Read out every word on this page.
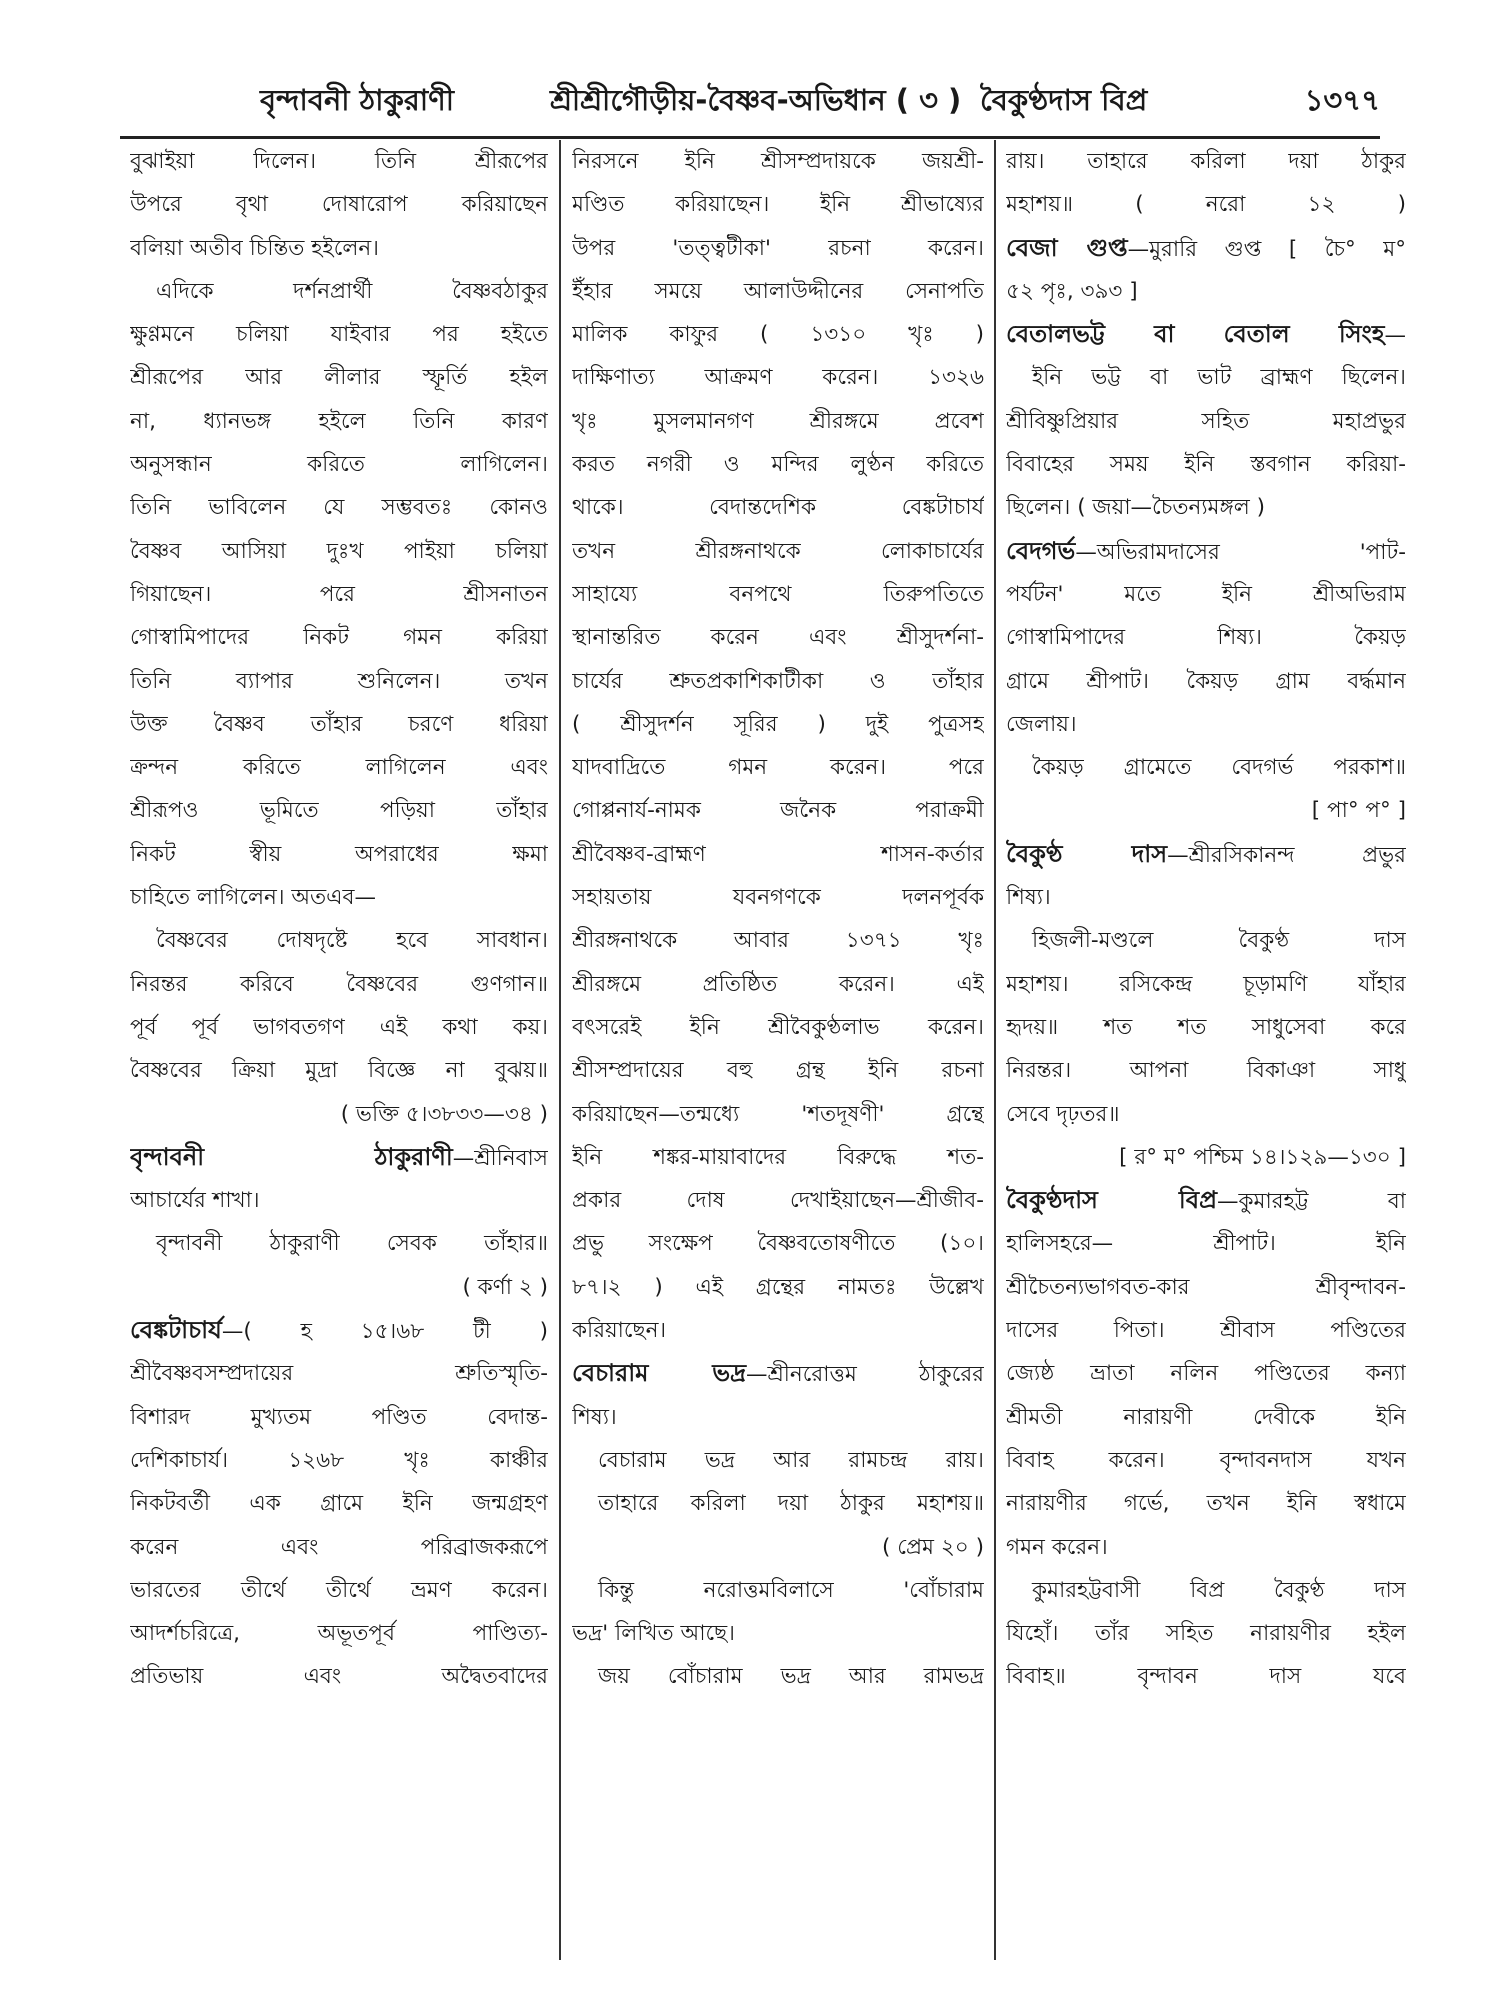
বৃন্দাবনী ঠাকুরাণী	শ্রীশ্রীগৌড়ীয়-বৈষ্ণব-অভিধান ( ৩ ) বৈকুণ্ঠদাস বিপ্র	১৩৭৭

বুঝাইয়া দিলেন। তিনি শ্রীরূপের

উপরে বৃথা দোষারোপ করিয়াছেন

বলিয়া অতীব চিন্তিত হইলেন।

এদিকে দর্শনপ্রার্থী বৈষ্ণবঠাকুর

ক্ষুণ্ণমনে চলিয়া যাইবার পর হইতে

শ্রীরূপের আর লীলার স্ফূর্তি হইল

না, ধ্যানভঙ্গ হইলে তিনি কারণ

অনুসন্ধান করিতে লাগিলেন।

তিনি ভাবিলেন যে সম্ভবতঃ কোনও

বৈষ্ণব আসিয়া দুঃখ পাইয়া চলিয়া

গিয়াছেন। পরে শ্রীসনাতন

গোস্বামিপাদের নিকট গমন করিয়া

তিনি ব্যাপার শুনিলেন। তখন

উক্ত বৈষ্ণব তাঁহার চরণে ধরিয়া

ক্রন্দন করিতে লাগিলেন এবং

শ্রীরূপও ভূমিতে পড়িয়া তাঁহার

নিকট স্বীয় অপরাধের ক্ষমা

চাহিতে লাগিলেন। অতএব—

বৈষ্ণবের দোষদৃষ্টে হবে সাবধান।

নিরন্তর করিবে বৈষ্ণবের গুণগান॥

পূর্ব পূর্ব ভাগবতগণ এই কথা কয়।

বৈষ্ণবের ক্রিয়া মুদ্রা বিজ্ঞে না বুঝয়॥

( ভক্তি ৫।৩৮৩৩—৩৪ )

বৃন্দাবনী ঠাকুরাণী—শ্রীনিবাস

আচার্যের শাখা।

বৃন্দাবনী ঠাকুরাণী সেবক তাঁহার॥

( কর্ণা ২ )

বেঙ্কটাচার্য—( হ ১৫।৬৮ টী )

শ্রীবৈষ্ণবসম্প্রদায়ের শ্রুতিস্মৃতি-

বিশারদ মুখ্যতম পণ্ডিত বেদান্ত-

দেশিকাচার্য। ১২৬৮ খৃঃ কাঞ্চীর

নিকটবর্তী এক গ্রামে ইনি জন্মগ্রহণ

করেন এবং পরিব্রাজকরূপে

ভারতের তীর্থে তীর্থে ভ্রমণ করেন।

আদর্শচরিত্রে, অভূতপূর্ব পাণ্ডিত্য-

প্রতিভায় এবং অদ্বৈতবাদের

নিরসনে ইনি শ্রীসম্প্রদায়কে জয়শ্রী-

মণ্ডিত করিয়াছেন। ইনি শ্রীভাষ্যের

উপর 'তত্ত্বটীকা' রচনা করেন।

ইঁহার সময়ে আলাউদ্দীনের সেনাপতি

মালিক কাফুর ( ১৩১০ খৃঃ )

দাক্ষিণাত্য আক্রমণ করেন। ১৩২৬

খৃঃ মুসলমানগণ শ্রীরঙ্গমে প্রবেশ

করত নগরী ও মন্দির লুণ্ঠন করিতে

থাকে। বেদান্তদেশিক বেঙ্কটাচার্য

তখন শ্রীরঙ্গনাথকে লোকাচার্যের

সাহায্যে বনপথে তিরুপতিতে

স্থানান্তরিত করেন এবং শ্রীসুদর্শনা-

চার্যের শ্রুতপ্রকাশিকাটীকা ও তাঁহার

( শ্রীসুদর্শন সূরির ) দুই পুত্রসহ

যাদবাদ্রিতে গমন করেন। পরে

গোপ্পনার্য-নামক জনৈক পরাক্রমী

শ্রীবৈষ্ণব-ব্রাহ্মণ শাসন-কর্তার

সহায়তায় যবনগণকে দলনপূর্বক

শ্রীরঙ্গনাথকে আবার ১৩৭১ খৃঃ

শ্রীরঙ্গমে প্রতিষ্ঠিত করেন। এই

বৎসরেই ইনি শ্রীবৈকুণ্ঠলাভ করেন।

শ্রীসম্প্রদায়ের বহু গ্রন্থ ইনি রচনা

করিয়াছেন—তন্মধ্যে 'শতদূষণী' গ্রন্থে

ইনি শঙ্কর-মায়াবাদের বিরুদ্ধে শত-

প্রকার দোষ দেখাইয়াছেন—শ্রীজীব-

প্রভু সংক্ষেপ বৈষ্ণবতোষণীতে (১০।

৮৭।২ ) এই গ্রন্থের নামতঃ উল্লেখ

করিয়াছেন।

বেচারাম ভদ্র—শ্রীনরোত্তম ঠাকুরের

শিষ্য।

বেচারাম ভদ্র আর রামচন্দ্র রায়।

তাহারে করিলা দয়া ঠাকুর মহাশয়॥

( প্রেম ২০ )

কিন্তু নরোত্তমবিলাসে 'বোঁচারাম

ভদ্র' লিখিত আছে।

জয় বোঁচারাম ভদ্র আর রামভদ্র

রায়। তাহারে করিলা দয়া ঠাকুর

মহাশয়॥ ( নরো ১২ )

বেজা গুপ্ত—মুরারি গুপ্ত [ চৈ° ম°

৫২ পৃঃ, ৩৯৩ ]

বেতালভট্ট বা বেতাল সিংহ—

ইনি ভট্ট বা ভাট ব্রাহ্মণ ছিলেন।

শ্রীবিষ্ণুপ্রিয়ার সহিত মহাপ্রভুর

বিবাহের সময় ইনি স্তবগান করিয়া-

ছিলেন। ( জয়া—চৈতন্যমঙ্গল )

বেদগর্ভ—অভিরামদাসের 'পাট-

পর্যটন' মতে ইনি শ্রীঅভিরাম

গোস্বামিপাদের শিষ্য। কৈয়ড়

গ্রামে শ্রীপাট। কৈয়ড় গ্রাম বর্দ্ধমান

জেলায়।

কৈয়ড় গ্রামেতে বেদগর্ভ পরকাশ॥

[ পা° প° ]

বৈকুণ্ঠ দাস—শ্রীরসিকানন্দ প্রভুর

শিষ্য।

হিজলী-মণ্ডলে বৈকুণ্ঠ দাস

মহাশয়। রসিকেন্দ্র চূড়ামণি যাঁহার

হৃদয়॥ শত শত সাধুসেবা করে

নিরন্তর। আপনা বিকাঞা সাধু

সেবে দৃঢ়তর॥

[ র° ম° পশ্চিম ১৪।১২৯—১৩০ ]

বৈকুণ্ঠদাস বিপ্র—কুমারহট্ট বা

হালিসহরে— শ্রীপাট। ইনি

শ্রীচৈতন্যভাগবত-কার শ্রীবৃন্দাবন-

দাসের পিতা। শ্রীবাস পণ্ডিতের

জ্যেষ্ঠ ভ্রাতা নলিন পণ্ডিতের কন্যা

শ্রীমতী নারায়ণী দেবীকে ইনি

বিবাহ করেন। বৃন্দাবনদাস যখন

নারায়ণীর গর্ভে, তখন ইনি স্বধামে

গমন করেন।

কুমারহট্টবাসী বিপ্র বৈকুণ্ঠ দাস

যিহোঁ। তাঁর সহিত নারায়ণীর হইল

বিবাহ॥ বৃন্দাবন দাস যবে
